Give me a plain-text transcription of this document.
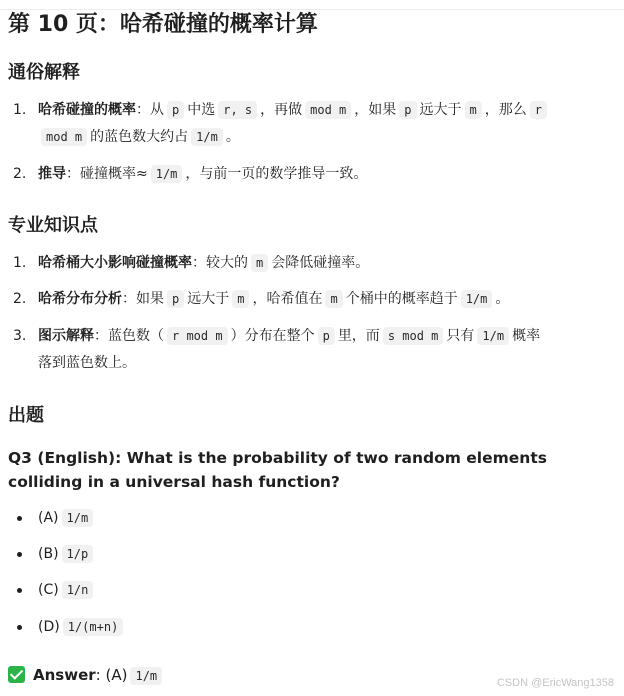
第 10 页：哈希碰撞的概率计算
通俗解释
1. 哈希碰撞的概率：从 p 中选 r, s ，再做 mod m ，如果 p 远大于 m ，那么 r
mod m 的蓝色数大约占 1/m 。
2. 推导：碰撞概率≈ 1/m ，与前一页的数学推导一致。
专业知识点
1. 哈希桶大小影响碰撞概率：较大的 m 会降低碰撞率。
2. 哈希分布分析：如果 p 远大于 m ，哈希值在 m 个桶中的概率趋于 1/m 。
3. 图示解释：蓝色数（ r mod m ）分布在整个 p 里，而 s mod m 只有 1/m 概率
落到蓝色数上。
出题
Q3 (English): What is the probability of two random elements colliding in a universal hash function?
(A) 1/m
(B) 1/p
(C) 1/n
(D) 1/(m+n)
Answer: (A) 1/m	CSDN @EricWang1358
